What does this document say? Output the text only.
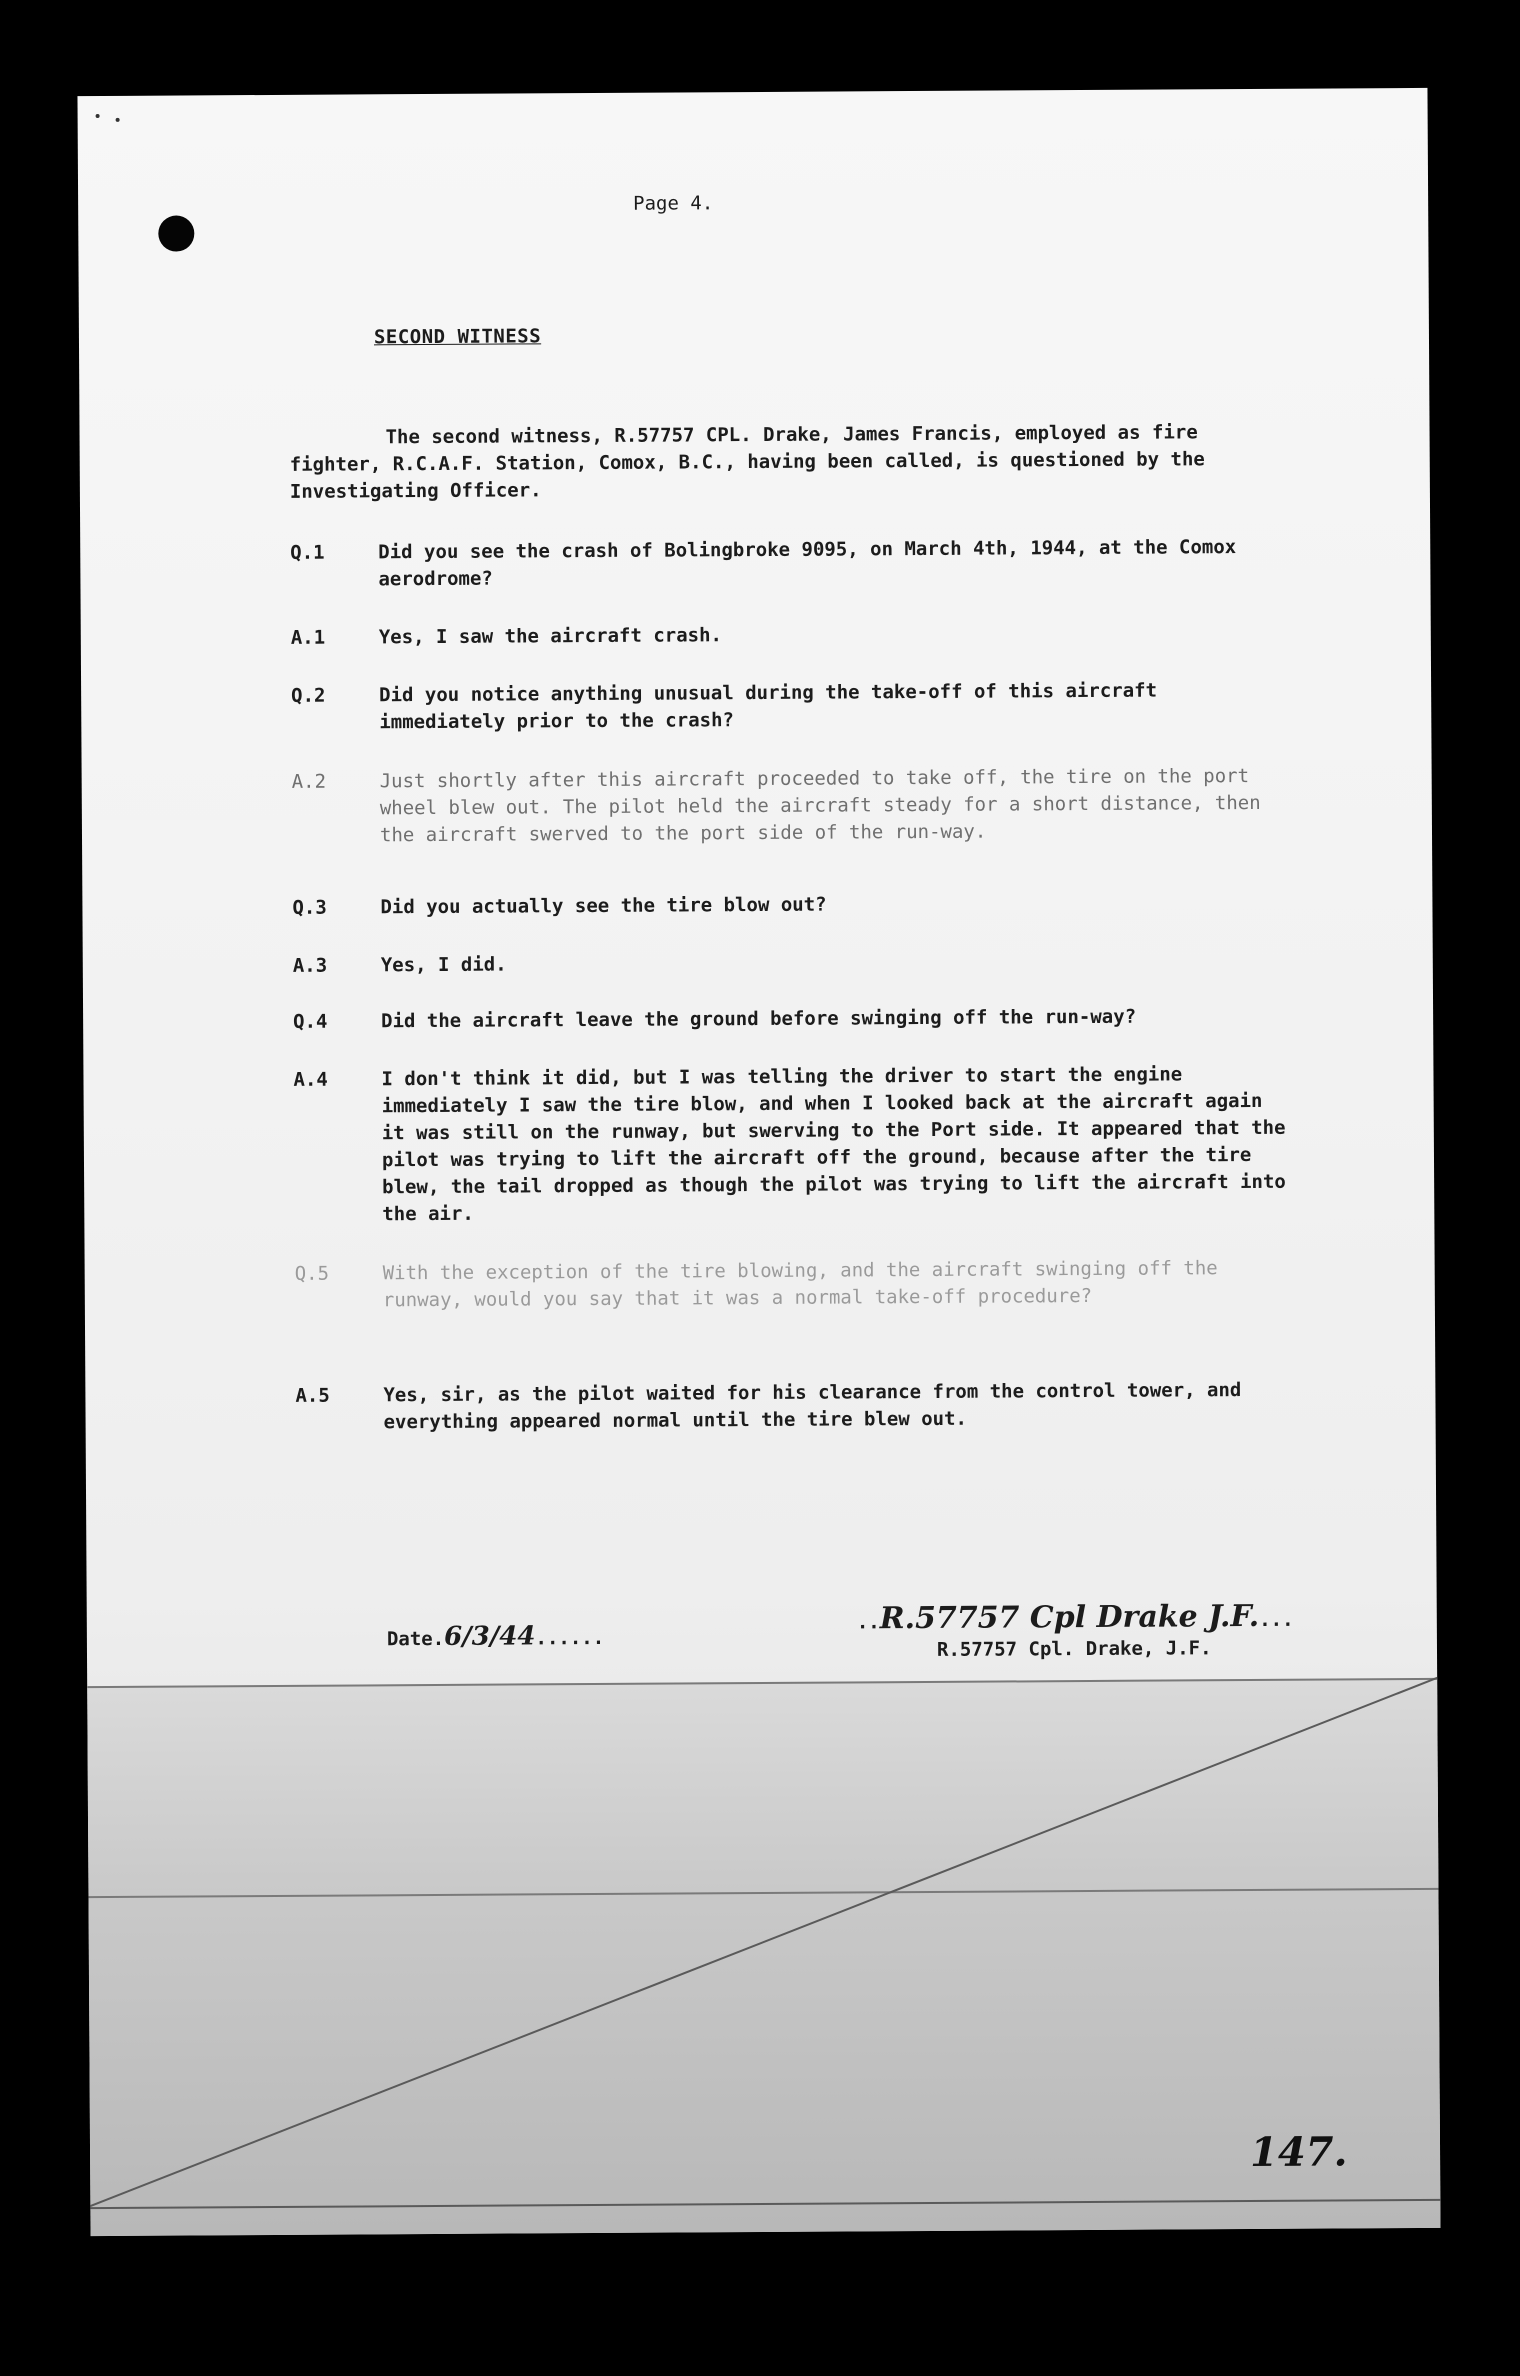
Page 4.
SECOND WITNESS
The second witness, R.57757 CPL. Drake, James Francis, employed as fire fighter, R.C.A.F. Station, Comox, B.C., having been called, is questioned by the Investigating Officer.
Q.1	Did you see the crash of Bolingbroke 9095, on March 4th, 1944, at the Comox aerodrome?
A.1	Yes, I saw the aircraft crash.
Q.2	Did you notice anything unusual during the take-off of this aircraft immediately prior to the crash?
A.2	Just shortly after this aircraft proceeded to take off, the tire on the port wheel blew out. The pilot held the aircraft steady for a short distance, then the aircraft swerved to the port side of the run-way.
Q.3	Did you actually see the tire blow out?
A.3	Yes, I did.
Q.4	Did the aircraft leave the ground before swinging off the run-way?
A.4	I don't think it did, but I was telling the driver to start the engine immediately I saw the tire blow, and when I looked back at the aircraft again it was still on the runway, but swerving to the Port side. It appeared that the pilot was trying to lift the aircraft off the ground, because after the tire blew, the tail dropped as though the pilot was trying to lift the aircraft into the air.
Q.5	With the exception of the tire blowing, and the aircraft swinging off the runway, would you say that it was a normal take-off procedure?
A.5	Yes, sir, as the pilot waited for his clearance from the control tower, and everything appeared normal until the tire blew out.
Date.6/3/44......
..R.57757 Cpl Drake J.F....
R.57757 Cpl. Drake, J.F.
147.
